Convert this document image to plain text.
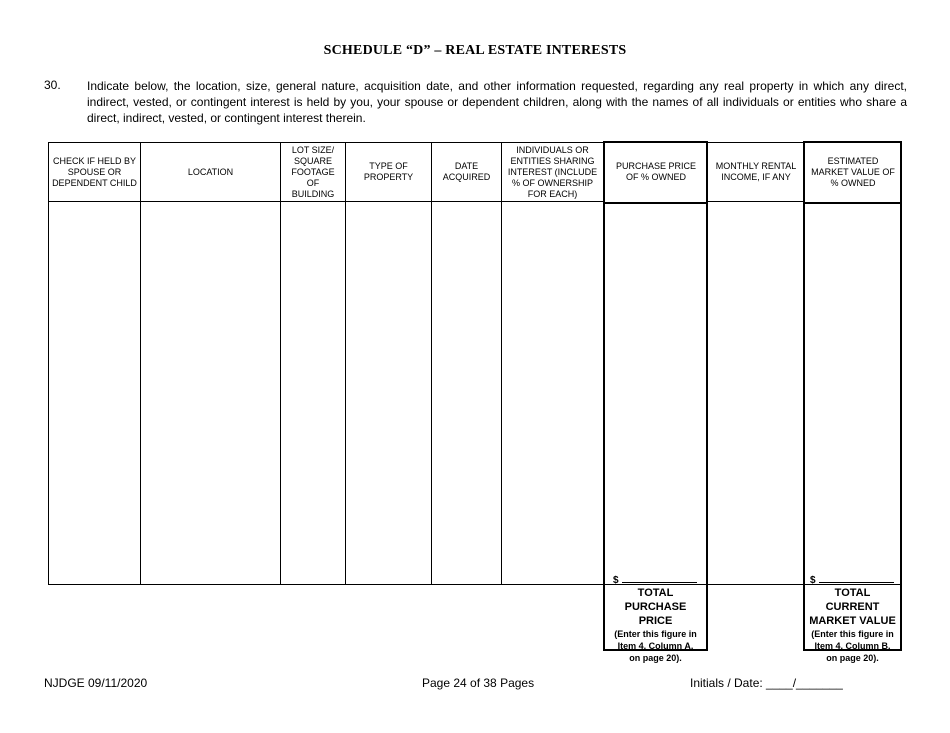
SCHEDULE “D” – REAL ESTATE INTERESTS
30. Indicate below, the location, size, general nature, acquisition date, and other information requested, regarding any real property in which any direct, indirect, vested, or contingent interest is held by you, your spouse or dependent children, along with the names of all individuals or entities who share a direct, indirect, vested, or contingent interest therein.
CHECK IF HELD BY SPOUSE OR DEPENDENT CHILD
LOCATION
LOT SIZE/ SQUARE FOOTAGE OF BUILDING
TYPE OF PROPERTY
DATE ACQUIRED
INDIVIDUALS OR ENTITIES SHARING INTEREST (INCLUDE % OF OWNERSHIP FOR EACH)
PURCHASE PRICE OF % OWNED
MONTHLY RENTAL INCOME, IF ANY
ESTIMATED MARKET VALUE OF % OWNED
$
TOTAL PURCHASE PRICE
(Enter this figure in Item 4, Column A, on page 20).
$
TOTAL CURRENT MARKET VALUE
(Enter this figure in Item 4, Column B, on page 20).
NJDGE 09/11/2020	Page 24 of 38 Pages	Initials / Date: ____/_______
